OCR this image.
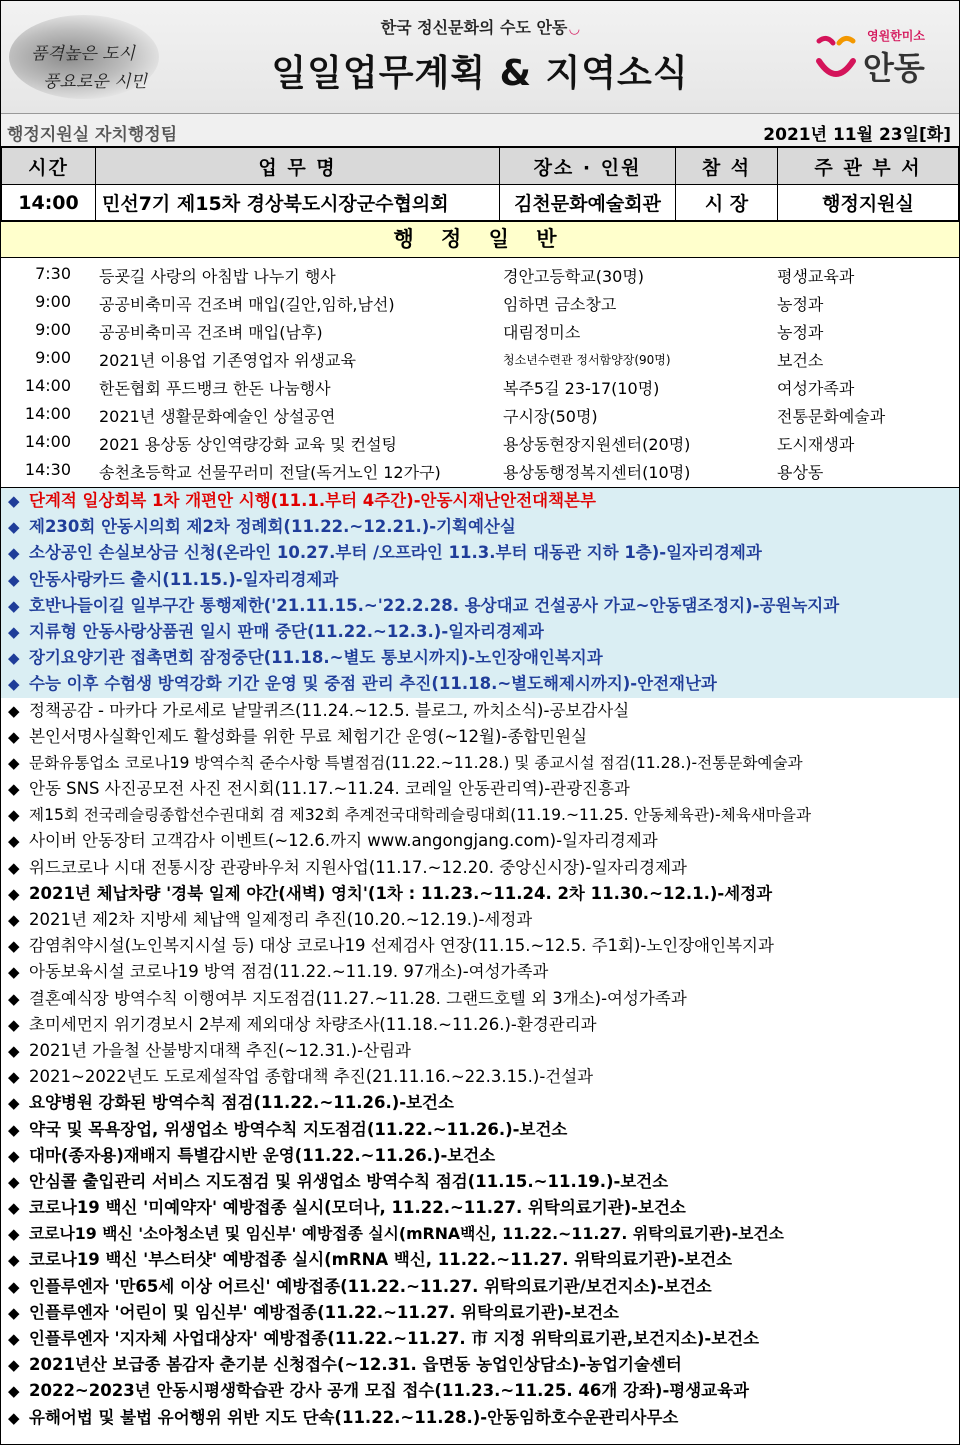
품격높은 도시
풍요로운 시민
한국 정신문화의 수도 안동 ◡
일일업무계획 & 지역소식
영원한미소
안동
행정지원실 자치행정팀	2021년 11월 23일[화]
시간	업 무 명	장소 · 인원	참 석	주 관 부 서
14:00	민선7기 제15차 경상북도시장군수협의회	김천문화예술회관	시 장	행정지원실
행 정 일 반
7:30 등굣길 사랑의 아침밥 나누기 행사	경안고등학교(30명)	평생교육과
9:00 공공비축미곡 건조벼 매입(길안,임하,남선)	임하면 금소창고	농정과
9:00 공공비축미곡 건조벼 매입(남후)	대림정미소	농정과
9:00 2021년 이용업 기존영업자 위생교육	청소년수련관 정서함양장(90명)	보건소
14:00 한돈협회 푸드뱅크 한돈 나눔행사	복주5길 23-17(10명)	여성가족과
14:00 2021년 생활문화예술인 상설공연	구시장(50명)	전통문화예술과
14:00 2021 용상동 상인역량강화 교육 및 컨설팅	용상동현장지원센터(20명)	도시재생과
14:30 송천초등학교 선물꾸러미 전달(독거노인 12가구)	용상동행정복지센터(10명)	용상동
◆ 단계적 일상회복 1차 개편안 시행(11.1.부터 4주간)-안동시재난안전대책본부
◆ 제230회 안동시의회 제2차 정례회(11.22.~12.21.)-기획예산실
◆ 소상공인 손실보상금 신청(온라인 10.27.부터 /오프라인 11.3.부터 대동관 지하 1층)-일자리경제과
◆ 안동사랑카드 출시(11.15.)-일자리경제과
◆ 호반나들이길 일부구간 통행제한('21.11.15.~'22.2.28. 용상대교 건설공사 가교~안동댐조정지)-공원녹지과
◆ 지류형 안동사랑상품권 일시 판매 중단(11.22.~12.3.)-일자리경제과
◆ 장기요양기관 접촉면회 잠정중단(11.18.~별도 통보시까지)-노인장애인복지과
◆ 수능 이후 수험생 방역강화 기간 운영 및 중점 관리 추진(11.18.~별도해제시까지)-안전재난과
◆ 정책공감 - 마카다 가로세로 낱말퀴즈(11.24.~12.5. 블로그, 까치소식)-공보감사실
◆ 본인서명사실확인제도 활성화를 위한 무료 체험기간 운영(~12월)-종합민원실
◆ 문화유통업소 코로나19 방역수칙 준수사항 특별점검(11.22.~11.28.) 및 종교시설 점검(11.28.)-전통문화예술과
◆ 안동 SNS 사진공모전 사진 전시회(11.17.~11.24. 코레일 안동관리역)-관광진흥과
◆ 제15회 전국레슬링종합선수권대회 겸 제32회 추계전국대학레슬링대회(11.19.~11.25. 안동체육관)-체육새마을과
◆ 사이버 안동장터 고객감사 이벤트(~12.6.까지 www.angongjang.com)-일자리경제과
◆ 위드코로나 시대 전통시장 관광바우처 지원사업(11.17.~12.20. 중앙신시장)-일자리경제과
◆ 2021년 체납차량 '경북 일제 야간(새벽) 영치'(1차 : 11.23.~11.24. 2차 11.30.~12.1.)-세정과
◆ 2021년 제2차 지방세 체납액 일제정리 추진(10.20.~12.19.)-세정과
◆ 감염취약시설(노인복지시설 등) 대상 코로나19 선제검사 연장(11.15.~12.5. 주1회)-노인장애인복지과
◆ 아동보육시설 코로나19 방역 점검(11.22.~11.19. 97개소)-여성가족과
◆ 결혼예식장 방역수칙 이행여부 지도점검(11.27.~11.28. 그랜드호텔 외 3개소)-여성가족과
◆ 초미세먼지 위기경보시 2부제 제외대상 차량조사(11.18.~11.26.)-환경관리과
◆ 2021년 가을철 산불방지대책 추진(~12.31.)-산림과
◆ 2021~2022년도 도로제설작업 종합대책 추진(21.11.16.~22.3.15.)-건설과
◆ 요양병원 강화된 방역수칙 점검(11.22.~11.26.)-보건소
◆ 약국 및 목욕장업, 위생업소 방역수칙 지도점검(11.22.~11.26.)-보건소
◆ 대마(종자용)재배지 특별감시반 운영(11.22.~11.26.)-보건소
◆ 안심콜 출입관리 서비스 지도점검 및 위생업소 방역수칙 점검(11.15.~11.19.)-보건소
◆ 코로나19 백신 '미예약자' 예방접종 실시(모더나, 11.22.~11.27. 위탁의료기관)-보건소
◆ 코로나19 백신 '소아청소년 및 임신부' 예방접종 실시(mRNA백신, 11.22.~11.27. 위탁의료기관)-보건소
◆ 코로나19 백신 '부스터샷' 예방접종 실시(mRNA 백신, 11.22.~11.27. 위탁의료기관)-보건소
◆ 인플루엔자 '만65세 이상 어르신' 예방접종(11.22.~11.27. 위탁의료기관/보건지소)-보건소
◆ 인플루엔자 '어린이 및 임신부' 예방접종(11.22.~11.27. 위탁의료기관)-보건소
◆ 인플루엔자 '지자체 사업대상자' 예방접종(11.22.~11.27. 市 지정 위탁의료기관,보건지소)-보건소
◆ 2021년산 보급종 봄감자 춘기분 신청접수(~12.31. 읍면동 농업인상담소)-농업기술센터
◆ 2022~2023년 안동시평생학습관 강사 공개 모집 접수(11.23.~11.25. 46개 강좌)-평생교육과
◆ 유해어법 및 불법 유어행위 위반 지도 단속(11.22.~11.28.)-안동임하호수운관리사무소
